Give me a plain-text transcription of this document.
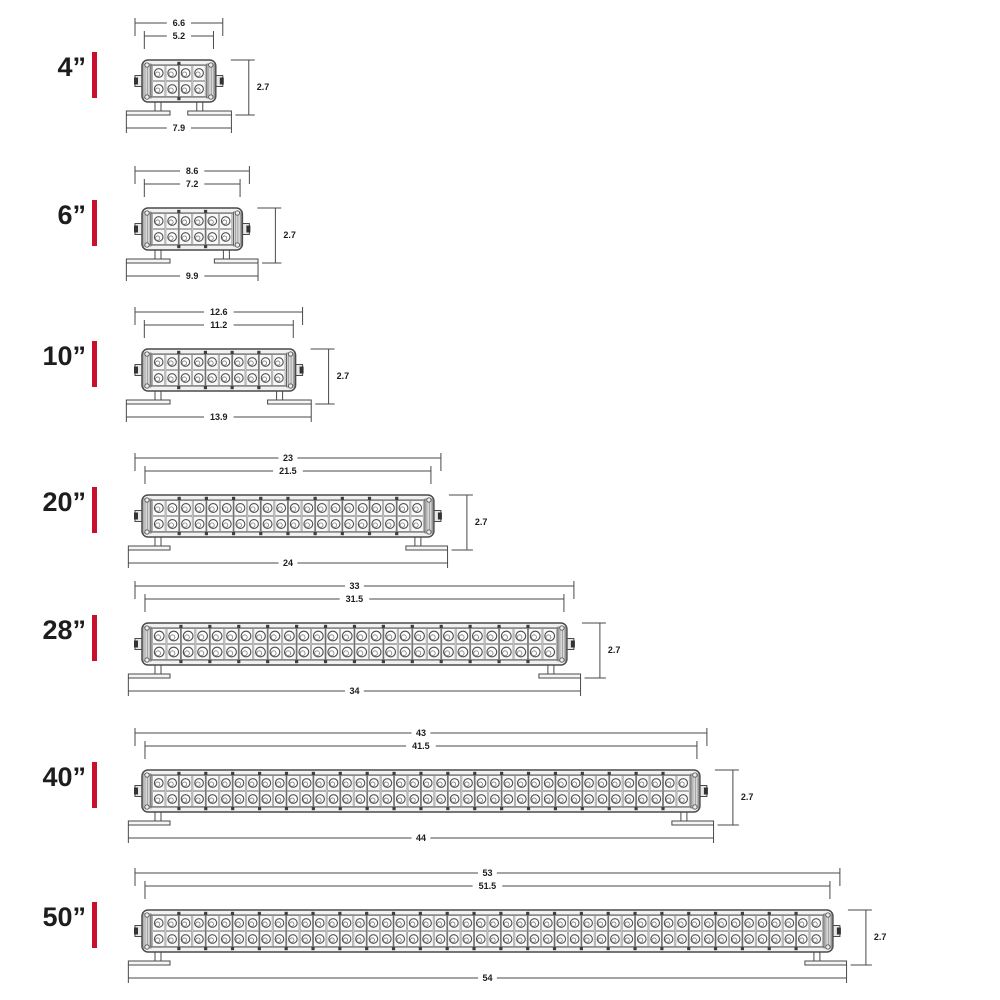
4”
6.6
5.2
7.9
2.7
6”
8.6
7.2
9.9
2.7
10”
12.6
11.2
13.9
2.7
20”
23
21.5
24
2.7
28”
33
31.5
34
2.7
40”
43
41.5
44
2.7
50”
53
51.5
54
2.7
